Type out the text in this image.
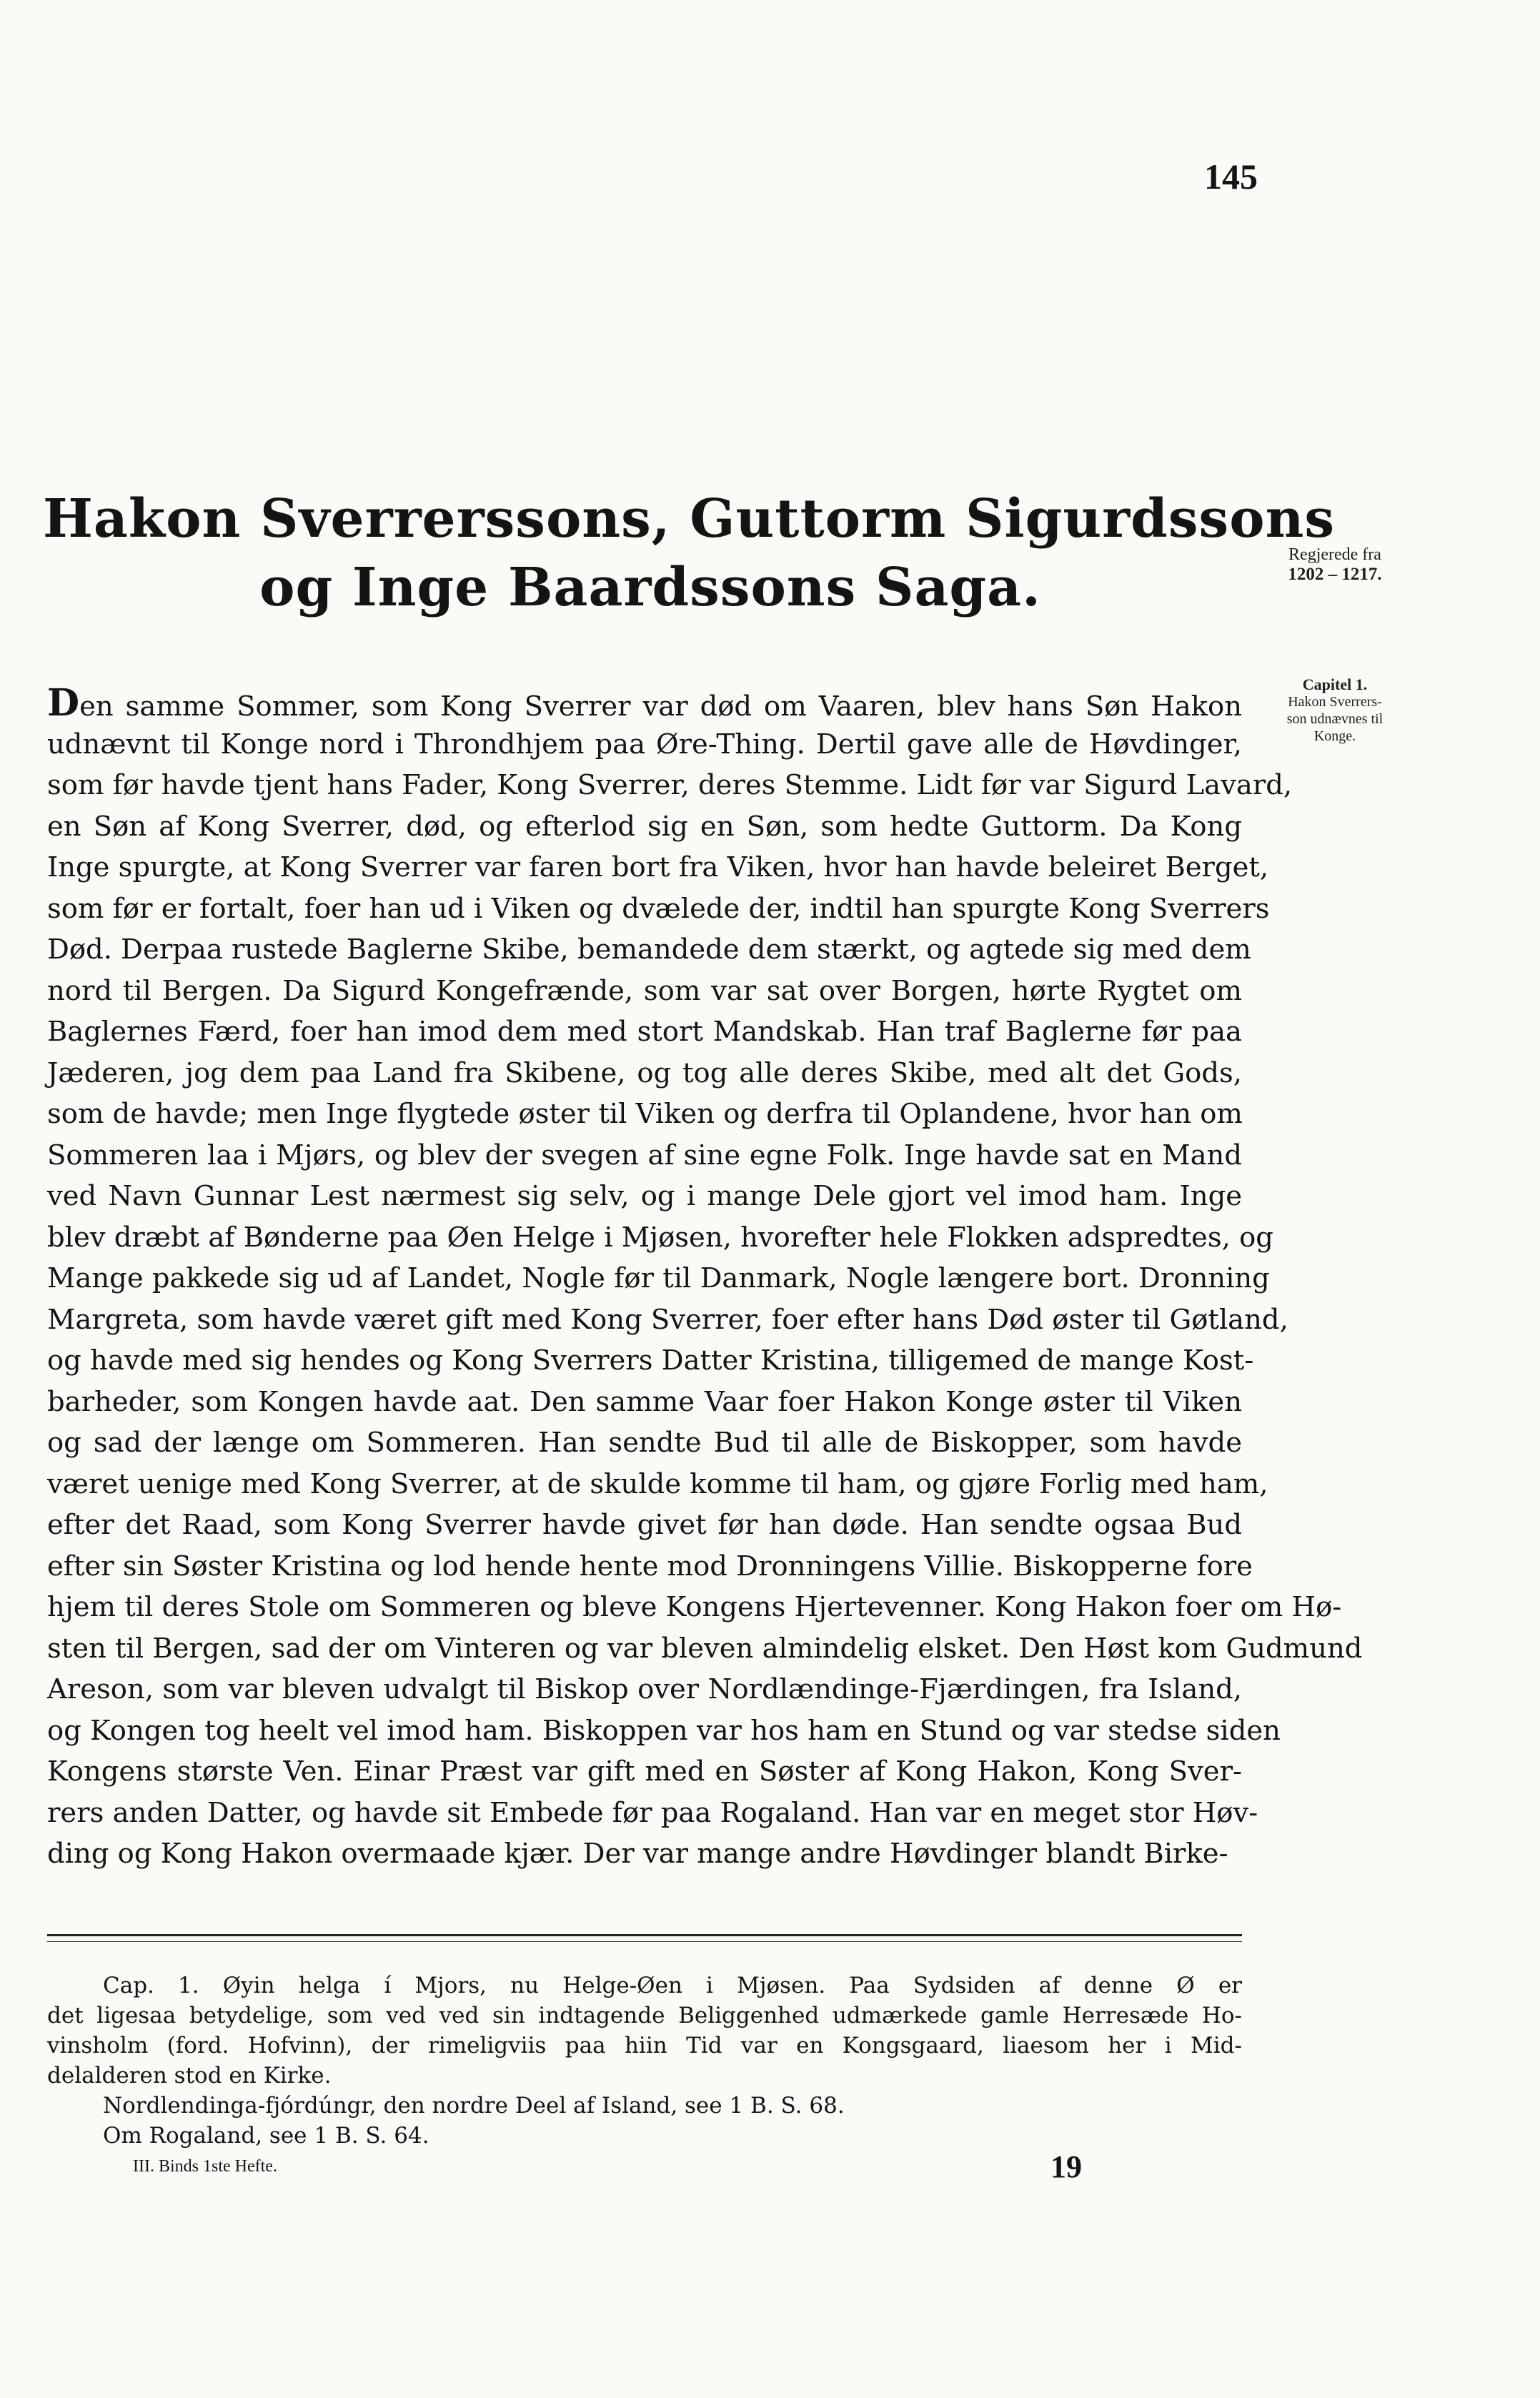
145
Hakon Sverrerssons, Guttorm Sigurdssons
og Inge Baardssons Saga.
Regjerede fra
1202 – 1217.
Capitel 1.
Hakon Sverrers-
son udnævnes til
Konge.
Den samme Sommer, som Kong Sverrer var død om Vaaren, blev hans Søn Hakon
udnævnt til Konge nord i Throndhjem paa Øre-Thing. Dertil gave alle de Høvdinger,
som før havde tjent hans Fader, Kong Sverrer, deres Stemme. Lidt før var Sigurd Lavard,
en Søn af Kong Sverrer, død, og efterlod sig en Søn, som hedte Guttorm. Da Kong
Inge spurgte, at Kong Sverrer var faren bort fra Viken, hvor han havde beleiret Berget,
som før er fortalt, foer han ud i Viken og dvælede der, indtil han spurgte Kong Sverrers
Død. Derpaa rustede Baglerne Skibe, bemandede dem stærkt, og agtede sig med dem
nord til Bergen. Da Sigurd Kongefrænde, som var sat over Borgen, hørte Rygtet om
Baglernes Færd, foer han imod dem med stort Mandskab. Han traf Baglerne før paa
Jæderen, jog dem paa Land fra Skibene, og tog alle deres Skibe, med alt det Gods,
som de havde; men Inge flygtede øster til Viken og derfra til Oplandene, hvor han om
Sommeren laa i Mjørs, og blev der svegen af sine egne Folk. Inge havde sat en Mand
ved Navn Gunnar Lest nærmest sig selv, og i mange Dele gjort vel imod ham. Inge
blev dræbt af Bønderne paa Øen Helge i Mjøsen, hvorefter hele Flokken adspredtes, og
Mange pakkede sig ud af Landet, Nogle før til Danmark, Nogle længere bort. Dronning
Margreta, som havde været gift med Kong Sverrer, foer efter hans Død øster til Gøtland,
og havde med sig hendes og Kong Sverrers Datter Kristina, tilligemed de mange Kost-
barheder, som Kongen havde aat. Den samme Vaar foer Hakon Konge øster til Viken
og sad der længe om Sommeren. Han sendte Bud til alle de Biskopper, som havde
været uenige med Kong Sverrer, at de skulde komme til ham, og gjøre Forlig med ham,
efter det Raad, som Kong Sverrer havde givet før han døde. Han sendte ogsaa Bud
efter sin Søster Kristina og lod hende hente mod Dronningens Villie. Biskopperne fore
hjem til deres Stole om Sommeren og bleve Kongens Hjertevenner. Kong Hakon foer om Hø-
sten til Bergen, sad der om Vinteren og var bleven almindelig elsket. Den Høst kom Gudmund
Areson, som var bleven udvalgt til Biskop over Nordlændinge-Fjærdingen, fra Island,
og Kongen tog heelt vel imod ham. Biskoppen var hos ham en Stund og var stedse siden
Kongens største Ven. Einar Præst var gift med en Søster af Kong Hakon, Kong Sver-
rers anden Datter, og havde sit Embede før paa Rogaland. Han var en meget stor Høv-
ding og Kong Hakon overmaade kjær. Der var mange andre Høvdinger blandt Birke-
Cap. 1. Øyin helga í Mjors, nu Helge-Øen i Mjøsen. Paa Sydsiden af denne Ø er
det ligesaa betydelige, som ved ved sin indtagende Beliggenhed udmærkede gamle Herresæde Ho-
vinsholm (ford. Hofvinn), der rimeligviis paa hiin Tid var en Kongsgaard, liaesom her i Mid-
delalderen stod en Kirke.
Nordlendinga-fjórdúngr, den nordre Deel af Island, see 1 B. S. 68.
Om Rogaland, see 1 B. S. 64.
III. Binds 1ste Hefte.	19
